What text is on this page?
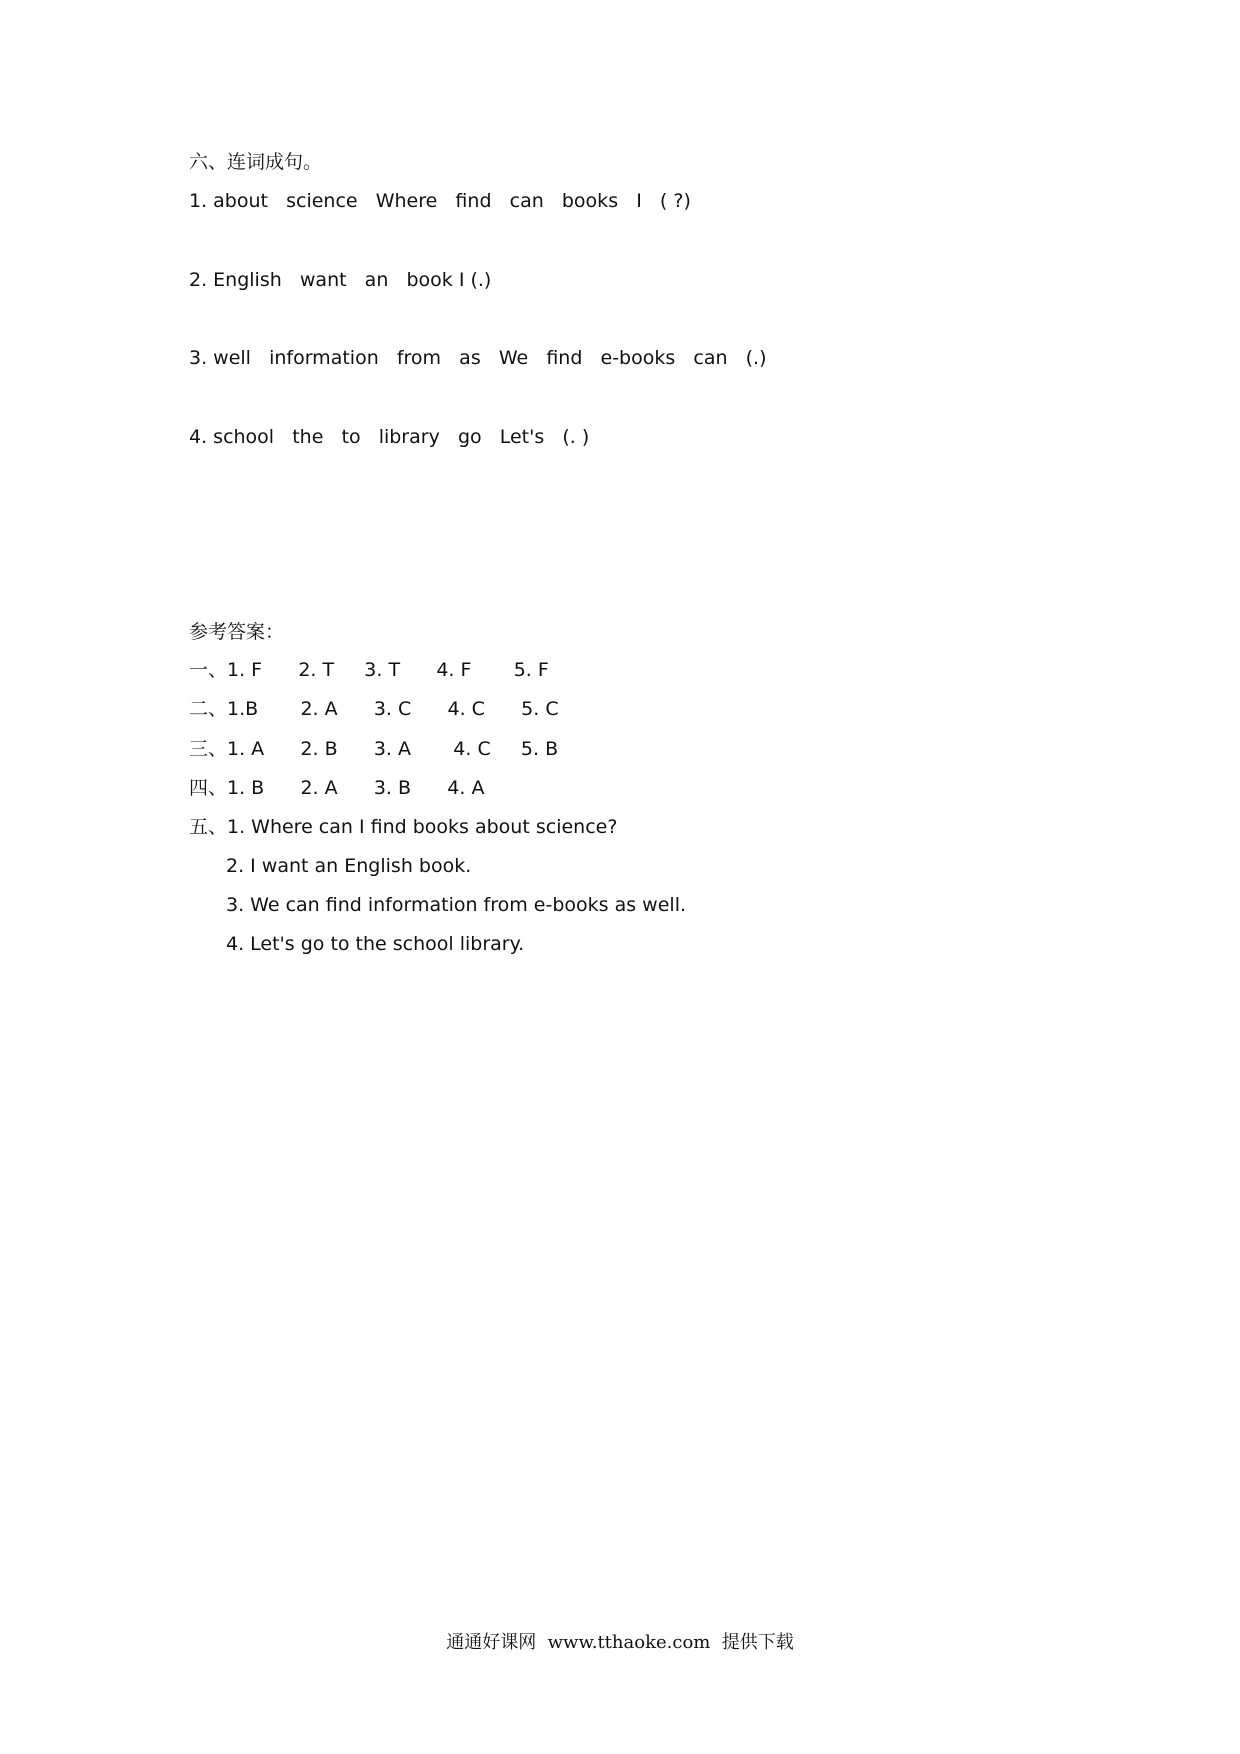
六、连词成句。
1. about   science   Where   find   can   books   I   ( ?)
2. English   want   an   book I (.)
3. well   information   from   as   We   find   e-books   can   (.)
4. school   the   to   library   go   Let's   (. )
参考答案：
一、1. F      2. T     3. T      4. F       5. F
二、1.B       2. A      3. C      4. C      5. C
三、1. A      2. B      3. A       4. C     5. B
四、1. B      2. A      3. B      4. A
五、1. Where can I find books about science?
2. I want an English book.
3. We can find information from e-books as well.
4. Let's go to the school library.
通通好课网  www.tthaoke.com  提供下载
